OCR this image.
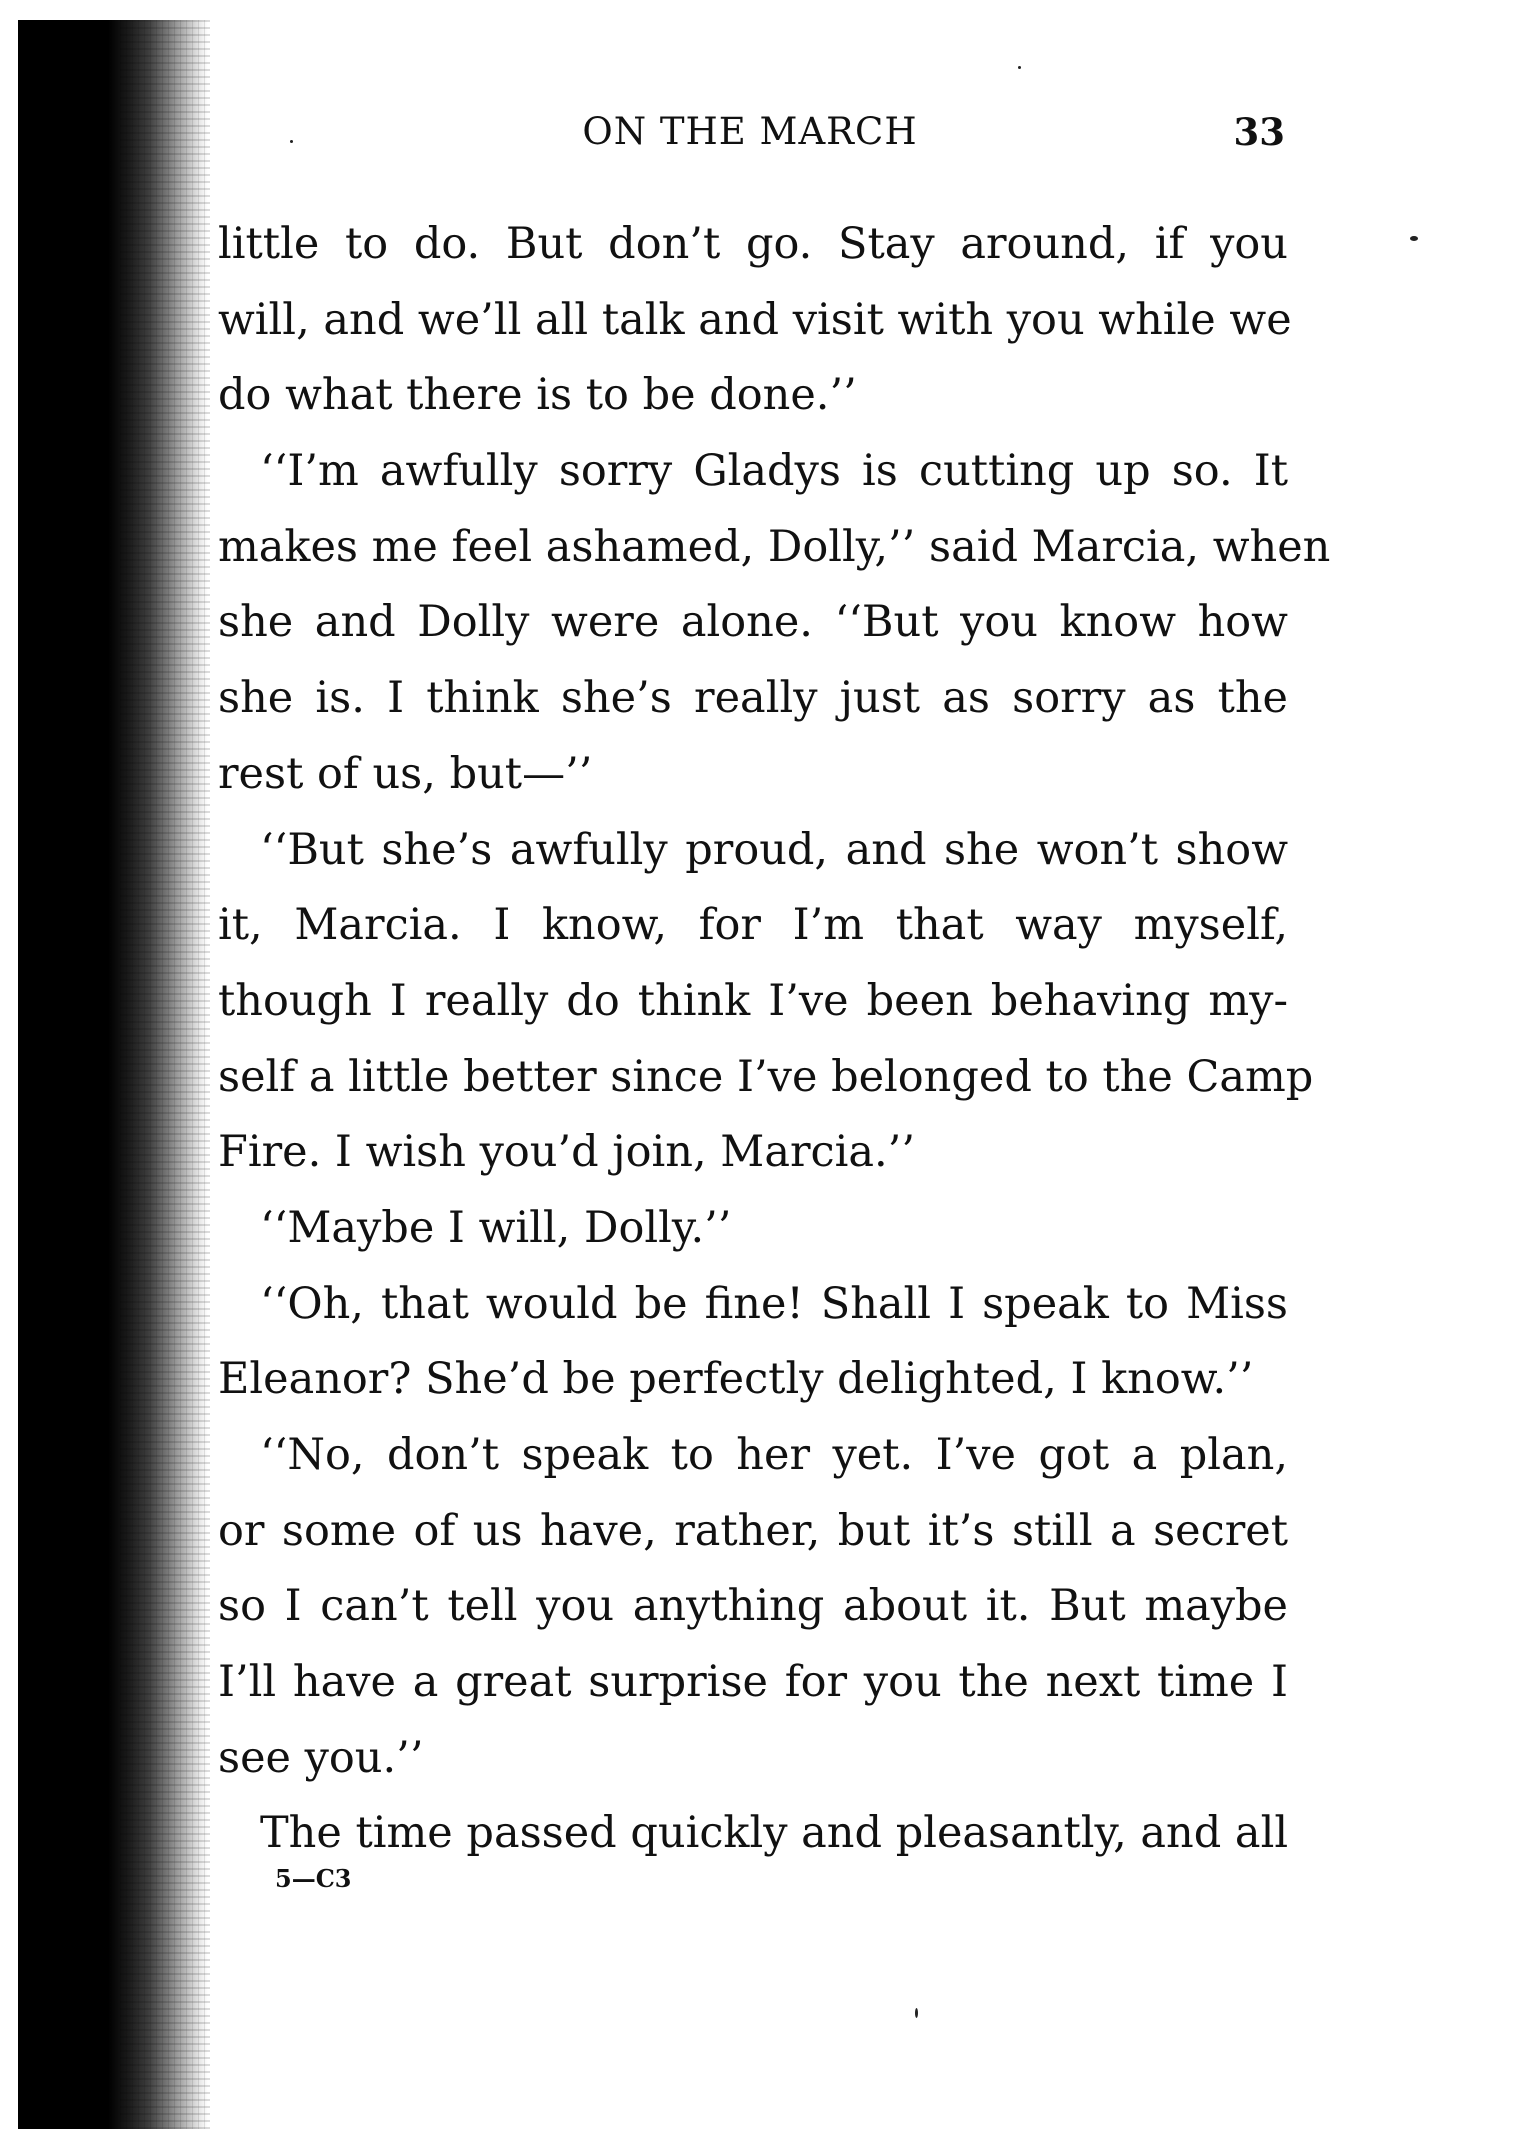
ON THE MARCH	33
little to do. But don’t go. Stay around, if you
will, and we’ll all talk and visit with you while we
do what there is to be done.’’
‘‘I’m awfully sorry Gladys is cutting up so. It
makes me feel ashamed, Dolly,’’ said Marcia, when
she and Dolly were alone. ‘‘But you know how
she is. I think she’s really just as sorry as the
rest of us, but—’’
‘‘But she’s awfully proud, and she won’t show
it, Marcia. I know, for I’m that way myself,
though I really do think I’ve been behaving my-
self a little better since I’ve belonged to the Camp
Fire. I wish you’d join, Marcia.’’
‘‘Maybe I will, Dolly.’’
‘‘Oh, that would be fine! Shall I speak to Miss
Eleanor? She’d be perfectly delighted, I know.’’
‘‘No, don’t speak to her yet. I’ve got a plan,
or some of us have, rather, but it’s still a secret
so I can’t tell you anything about it. But maybe
I’ll have a great surprise for you the next time I
see you.’’
The time passed quickly and pleasantly, and all
5—C3
